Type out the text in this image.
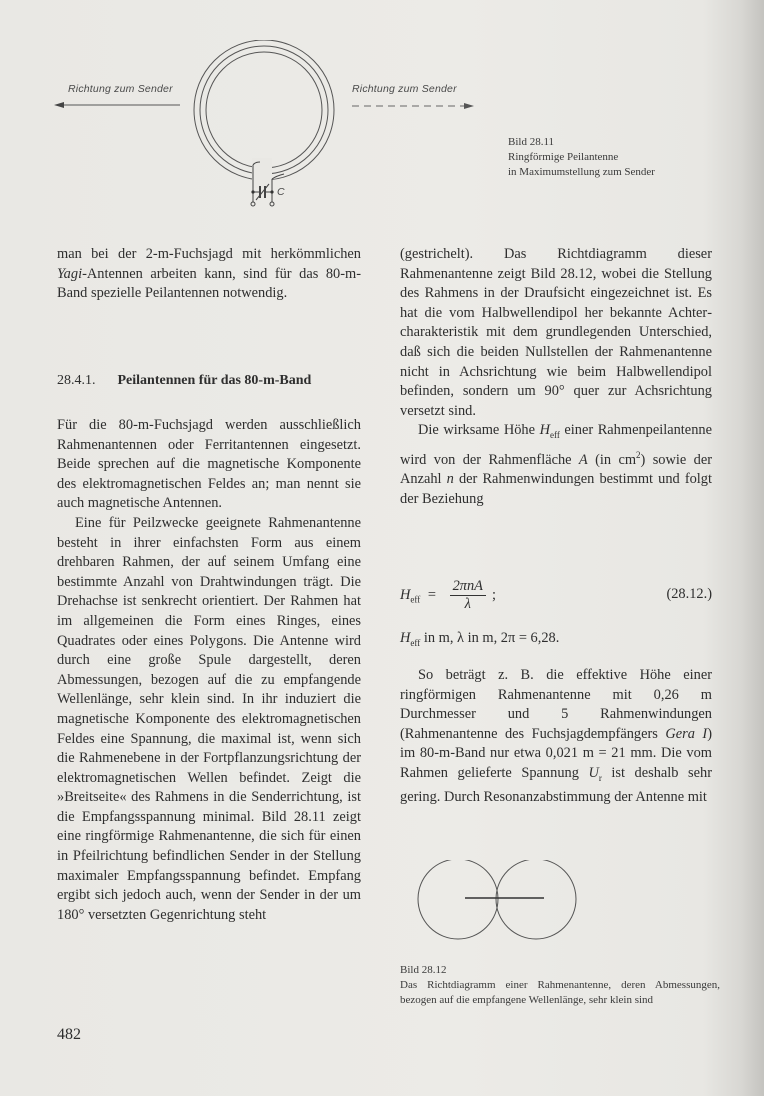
Richtung zum Sender	Richtung zum Sender
C
Bild 28.11
Ringförmige Peilantenne
in Maximumstellung zum Sender

man bei der 2-m-Fuchsjagd mit herkömmlichen Yagi-Antennen arbeiten kann, sind für das 80-m-Band spezielle Peilantennen notwendig.

28.4.1. Peilantennen für das 80-m-Band

Für die 80-m-Fuchsjagd werden ausschließlich Rahmenantennen oder Ferritantennen eingesetzt. Beide sprechen auf die magnetische Komponente des elektromagnetischen Feldes an; man nennt sie auch magnetische Antennen.

Eine für Peilzwecke geeignete Rahmenantenne besteht in ihrer einfachsten Form aus einem drehbaren Rahmen, der auf seinem Umfang eine bestimmte Anzahl von Drahtwindungen trägt. Die Drehachse ist senkrecht orientiert. Der Rahmen hat im allgemeinen die Form eines Ringes, eines Quadrates oder eines Polygons. Die Antenne wird durch eine große Spule dargestellt, deren Abmessungen, bezogen auf die zu empfangende Wellenlänge, sehr klein sind. In ihr induziert die magnetische Komponente des elektromagnetischen Feldes eine Spannung, die maximal ist, wenn sich die Rahmenebene in der Fortpflanzungsrichtung der elektromagnetischen Wellen befindet. Zeigt die »Breitseite« des Rahmens in die Senderrichtung, ist die Empfangsspannung minimal. Bild 28.11 zeigt eine ringförmige Rahmenantenne, die sich für einen in Pfeilrichtung befindlichen Sender in der Stellung maximaler Empfangsspannung befindet. Empfang ergibt sich jedoch auch, wenn der Sender in der um 180° versetzten Gegenrichtung steht

482

(gestrichelt). Das Richtdiagramm dieser Rahmenantenne zeigt Bild 28.12, wobei die Stellung des Rahmens in der Draufsicht eingezeichnet ist. Es hat die vom Halbwellendipol her bekannte Achtercharakteristik mit dem grundlegenden Unterschied, daß sich die beiden Nullstellen der Rahmenantenne nicht in Achsrichtung wie beim Halbwellendipol befinden, sondern um 90° quer zur Achsrichtung versetzt sind.

Die wirksame Höhe $H_{eff}$ einer Rahmenpeilantenne wird von der Rahmenfläche A (in $cm^2$) sowie der Anzahl n der Rahmenwindungen bestimmt und folgt der Beziehung

$H_{eff} = \frac{\text{2πnA}}{\lambda}$ ;	(28.12.)

$H_{eff}$ in m, λ in m, 2π = 6,28.

So beträgt z. B. die effektive Höhe einer ringförmigen Rahmenantenne mit 0,26 m Durchmesser und 5 Rahmenwindungen (Rahmenantenne des Fuchsjagdempfängers Gera I) im 80-m-Band nur etwa 0,021 m = 21 mm. Die vom Rahmen gelieferte Spannung $U_r$ ist deshalb sehr gering. Durch Resonanzabstimmung der Antenne mit

Bild 28.12
Das Richtdiagramm einer Rahmenantenne, deren Abmessungen, bezogen auf die empfangene Wellenlänge, sehr klein sind
